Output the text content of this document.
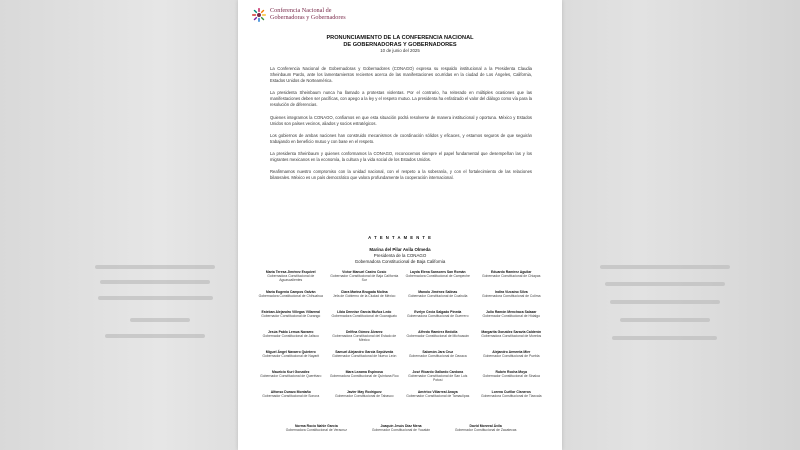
Conferencia Nacional de
Gobernadoras y Gobernadores
PRONUNCIAMIENTO DE LA CONFERENCIA NACIONAL
DE GOBERNADORAS Y GOBERNADORES
10 de junio del 2025

La Conferencia Nacional de Gobernadoras y Gobernadores (CONAGO) expresa su respaldo institucional a la Presidenta Claudia Sheinbaum Pardo, ante los lamentamientos recientes acerca de las manifestaciones ocurridas en la ciudad de Los Ángeles, California, Estados Unidos de Norteamérica.

La presidenta Sheinbaum nunca ha llamado a protestas violentas. Por el contrario, ha reiterado en múltiples ocasiones que las manifestaciones deben ser pacíficas, con apego a la ley y el respeto mutuo. La presidenta ha enfatizado el valor del diálogo como vía para la resolución de diferencias.

Quienes integramos la CONAGO, confiamos en que esta situación podrá resolverse de manera institucional y oportuna. México y Estados Unidos son países vecinos, aliados y socios estratégicos.

Los gobiernos de ambas naciones han construido mecanismos de coordinación sólidos y eficaces, y estamos seguros de que seguirán trabajando en beneficio mutuo y con base en el respeto.

La presidenta Sheinbaum y quienes conformamos la CONAGO, reconocemos siempre el papel fundamental que desempeñan las y los migrantes mexicanos en la economía, la cultura y la vida social de los Estados Unidos.

Reafirmamos nuestro compromiso con la unidad nacional, con el respeto a la soberanía, y con el fortalecimiento de las relaciones bilaterales. México es un país democrático que valora profundamente la cooperación internacional.

A T E N T A M E N T E
Marina del Pilar Avila Olmeda
Presidenta de la CONAGO
Gobernadora Constitucional de Baja California
María Teresa Jiménez Esquivel
Gobernadora Constitucional de Aguascalientes
Víctor Manuel Castro Cosío
Gobernador Constitucional de Baja California Sur
Layda Elena Sansores San Román
Gobernadora Constitucional de Campeche
Eduardo Ramírez Aguilar
Gobernador Constitucional de Chiapas
María Eugenia Campos Galván
Gobernadora Constitucional de Chihuahua
Clara Marina Brugada Molina
Jefa de Gobierno de la Ciudad de México
Manolo Jiménez Salinas
Gobernador Constitucional de Coahuila
Indira Vizcaíno Silva
Gobernadora Constitucional de Colima
Esteban Alejandro Villegas Villarreal
Gobernador Constitucional de Durango
Libia Dennise García Muñoz Ledo
Gobernadora Constitucional de Guanajuato
Evelyn Cecia Salgado Pineda
Gobernadora Constitucional de Guerrero
Julio Ramón Menchaca Salazar
Gobernador Constitucional de Hidalgo
Jesús Pablo Lemus Navarro
Gobernador Constitucional de Jalisco
Delfina Gómez Álvarez
Gobernadora Constitucional del Estado de México
Alfredo Ramírez Bedolla
Gobernador Constitucional de Michoacán
Margarita González Saravia Calderón
Gobernadora Constitucional de Morelos
Miguel Ángel Navarro Quintero
Gobernador Constitucional de Nayarit
Samuel Alejandro García Sepúlveda
Gobernador Constitucional de Nuevo León
Salomón Jara Cruz
Gobernador Constitucional de Oaxaca
Alejandro Armenta Mier
Gobernador Constitucional de Puebla
Mauricio Kuri González
Gobernador Constitucional de Querétaro
Mara Lezama Espinosa
Gobernadora Constitucional de Quintana Roo
José Ricardo Gallardo Cardona
Gobernador Constitucional de San Luis Potosí
Rubén Rocha Moya
Gobernador Constitucional de Sinaloa
Alfonso Durazo Montaño
Gobernador Constitucional de Sonora
Javier May Rodríguez
Gobernador Constitucional de Tabasco
Américo Villarreal Anaya
Gobernador Constitucional de Tamaulipas
Lorena Cuéllar Cisneros
Gobernadora Constitucional de Tlaxcala
Norma Rocío Nahle García
Gobernadora Constitucional de Veracruz
Joaquín Jesús Díaz Mena
Gobernador Constitucional de Yucatán
David Monreal Ávila
Gobernador Constitucional de Zacatecas
